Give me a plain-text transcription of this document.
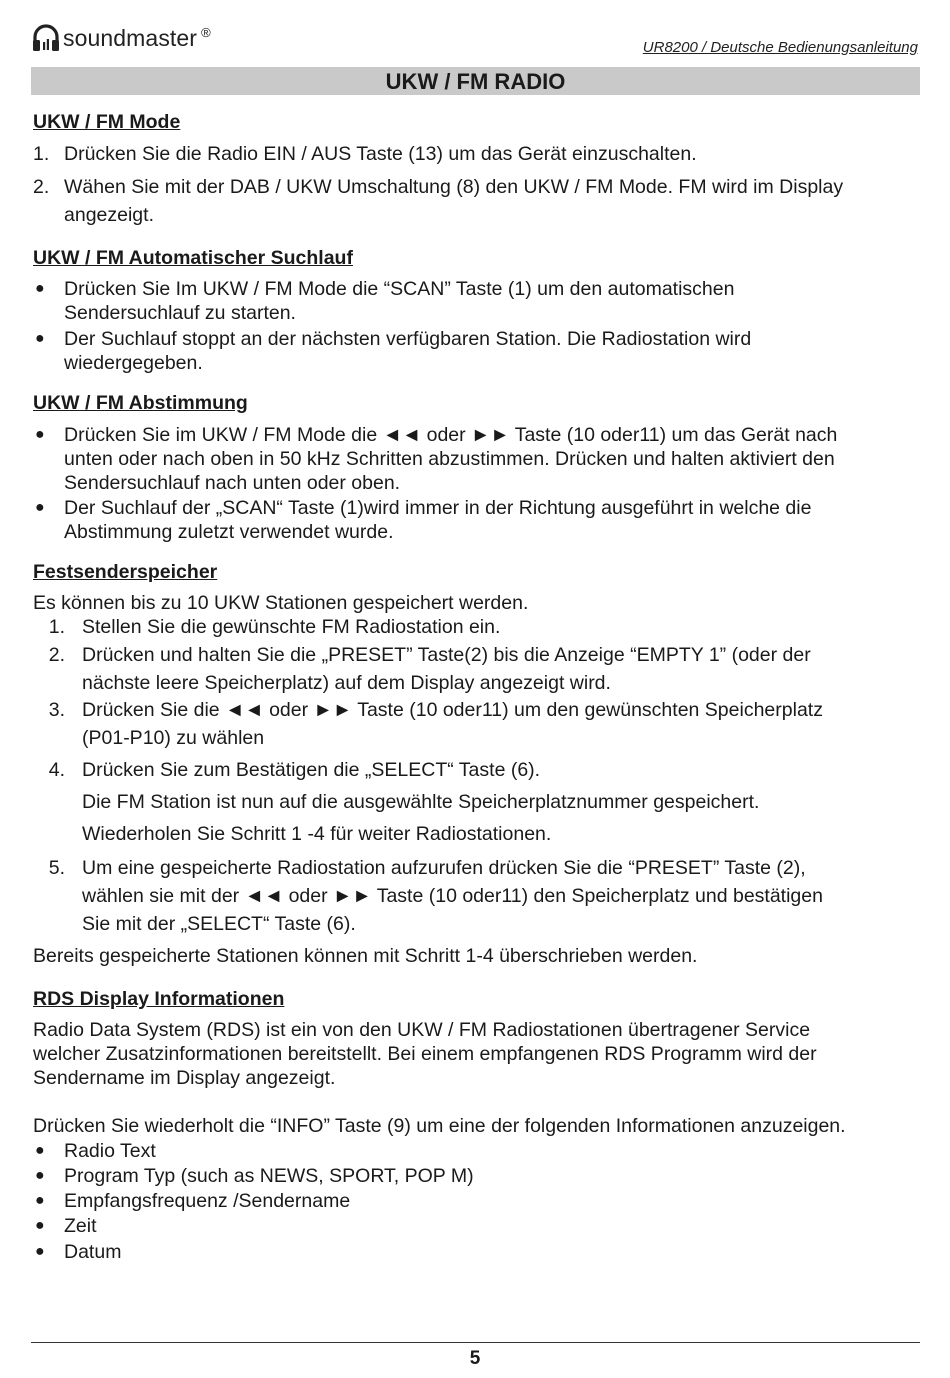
soundmaster ®
UR8200 / Deutsche Bedienungsanleitung
UKW / FM RADIO
UKW / FM Mode
1. Drücken Sie die Radio EIN / AUS Taste (13) um das Gerät einzuschalten.
2. Wähen Sie mit der DAB / UKW Umschaltung (8) den UKW / FM Mode. FM wird im Display
angezeigt.
UKW / FM Automatischer Suchlauf
● Drücken Sie Im UKW / FM Mode die “SCAN” Taste (1) um den automatischen
Sendersuchlauf zu starten.
● Der Suchlauf stoppt an der nächsten verfügbaren Station. Die Radiostation wird
wiedergegeben.
UKW / FM Abstimmung
● Drücken Sie im UKW / FM Mode die ◄◄ oder ►► Taste (10 oder11) um das Gerät nach
unten oder nach oben in 50 kHz Schritten abzustimmen. Drücken und halten aktiviert den
Sendersuchlauf nach unten oder oben.
● Der Suchlauf der „SCAN“ Taste (1)wird immer in der Richtung ausgeführt in welche die
Abstimmung zuletzt verwendet wurde.
Festsenderspeicher
Es können bis zu 10 UKW Stationen gespeichert werden.
1. Stellen Sie die gewünschte FM Radiostation ein.
2. Drücken und halten Sie die „PRESET” Taste(2) bis die Anzeige “EMPTY 1” (oder der
nächste leere Speicherplatz) auf dem Display angezeigt wird.
3. Drücken Sie die ◄◄ oder ►► Taste (10 oder11) um den gewünschten Speicherplatz
(P01-P10) zu wählen
4. Drücken Sie zum Bestätigen die „SELECT“ Taste (6).
Die FM Station ist nun auf die ausgewählte Speicherplatznummer gespeichert.
Wiederholen Sie Schritt 1 -4 für weiter Radiostationen.
5. Um eine gespeicherte Radiostation aufzurufen drücken Sie die “PRESET” Taste (2),
wählen sie mit der ◄◄ oder ►► Taste (10 oder11) den Speicherplatz und bestätigen
Sie mit der „SELECT“ Taste (6).
Bereits gespeicherte Stationen können mit Schritt 1-4 überschrieben werden.
RDS Display Informationen
Radio Data System (RDS) ist ein von den UKW / FM Radiostationen übertragener Service
welcher Zusatzinformationen bereitstellt. Bei einem empfangenen RDS Programm wird der
Sendername im Display angezeigt.
Drücken Sie wiederholt die “INFO” Taste (9) um eine der folgenden Informationen anzuzeigen.
● Radio Text
● Program Typ (such as NEWS, SPORT, POP M)
● Empfangsfrequenz /Sendername
● Zeit
● Datum
5
